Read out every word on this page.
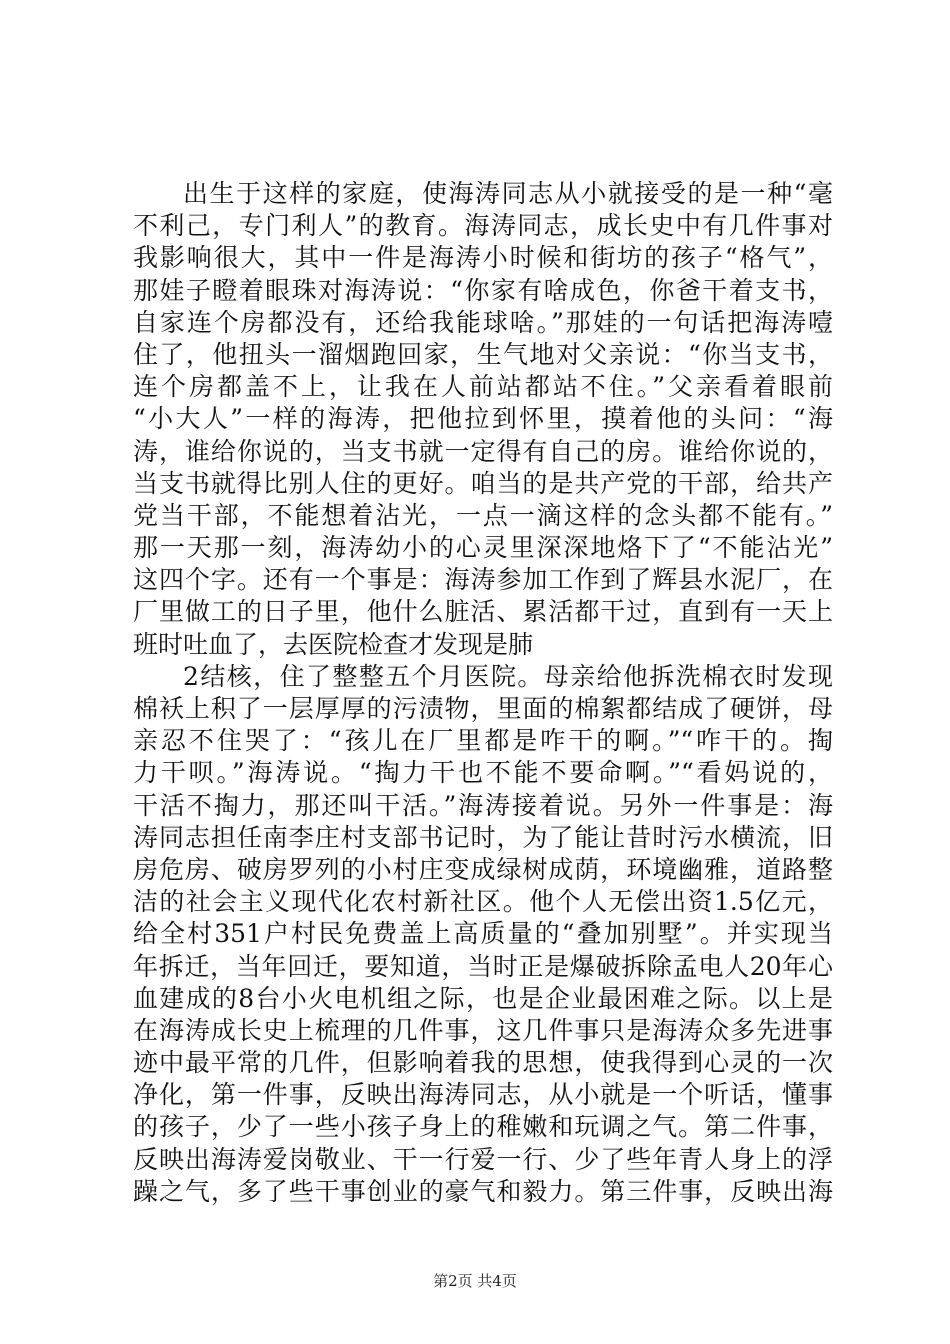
出生于这样的家庭，使海涛同志从小就接受的是一种“毫
不利己，专门利人”的教育。海涛同志，成长史中有几件事对
我影响很大，其中一件是海涛小时候和街坊的孩子“格气”，
那娃子瞪着眼珠对海涛说：“你家有啥成色，你爸干着支书，
自家连个房都没有，还给我能球啥。”那娃的一句话把海涛噎
住了，他扭头一溜烟跑回家，生气地对父亲说：“你当支书，
连个房都盖不上，让我在人前站都站不住。”父亲看着眼前
“小大人”一样的海涛，把他拉到怀里，摸着他的头问：“海
涛，谁给你说的，当支书就一定得有自己的房。谁给你说的，
当支书就得比别人住的更好。咱当的是共产党的干部，给共产
党当干部，不能想着沾光，一点一滴这样的念头都不能有。”
那一天那一刻，海涛幼小的心灵里深深地烙下了“不能沾光”
这四个字。还有一个事是：海涛参加工作到了辉县水泥厂，在
厂里做工的日子里，他什么脏活、累活都干过，直到有一天上
班时吐血了，去医院检查才发现是肺

2结核，住了整整五个月医院。母亲给他拆洗棉衣时发现
棉袄上积了一层厚厚的污渍物，里面的棉絮都结成了硬饼，母
亲忍不住哭了：“孩儿在厂里都是咋干的啊。”“咋干的。掏
力干呗。”海涛说。“掏力干也不能不要命啊。”“看妈说的，
干活不掏力，那还叫干活。”海涛接着说。另外一件事是：海
涛同志担任南李庄村支部书记时，为了能让昔时污水横流，旧
房危房、破房罗列的小村庄变成绿树成荫，环境幽雅，道路整
洁的社会主义现代化农村新社区。他个人无偿出资1.5亿元，
给全村351户村民免费盖上高质量的“叠加别墅”。并实现当
年拆迁，当年回迁，要知道，当时正是爆破拆除孟电人20年心
血建成的8台小火电机组之际，也是企业最困难之际。以上是
在海涛成长史上梳理的几件事，这几件事只是海涛众多先进事
迹中最平常的几件，但影响着我的思想，使我得到心灵的一次
净化，第一件事，反映出海涛同志，从小就是一个听话，懂事
的孩子，少了一些小孩子身上的稚嫩和玩调之气。第二件事，
反映出海涛爱岗敬业、干一行爱一行、少了些年青人身上的浮
躁之气，多了些干事创业的豪气和毅力。第三件事，反映出海

第2页 共4页
